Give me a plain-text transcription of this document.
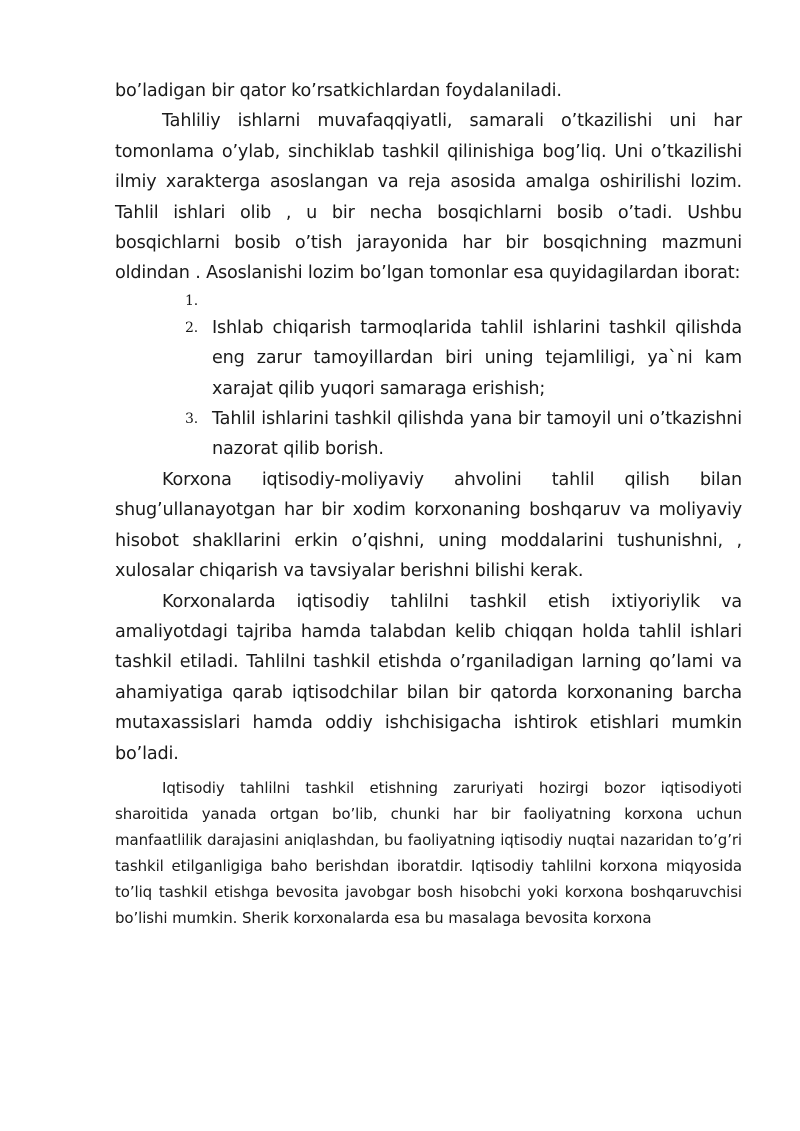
bo’ladigan bir qator ko’rsatkichlardan foydalaniladi.

Tahliliy ishlarni muvafaqqiyatli, samarali o’tkazilishi uni har tomonlama o’ylab, sinchiklab tashkil qilinishiga bog’liq. Uni o’tkazilishi ilmiy xarakterga asoslangan va reja asosida amalga oshirilishi lozim. Tahlil ishlari olib , u bir necha bosqichlarni bosib o’tadi. Ushbu bosqichlarni bosib o’tish jarayonida har bir bosqichning mazmuni oldindan . Asoslanishi lozim bo’lgan tomonlar esa quyidagilardan iborat:

1.
2. Ishlab chiqarish tarmoqlarida tahlil ishlarini tashkil qilishda eng zarur tamoyillardan biri uning tejamliligi, ya`ni kam xarajat qilib yuqori samaraga erishish;
3. Tahlil ishlarini tashkil qilishda yana bir tamoyil uni o’tkazishni nazorat qilib borish.

Korxona iqtisodiy-moliyaviy ahvolini tahlil qilish bilan shug’ullanayotgan har bir xodim korxonaning boshqaruv va moliyaviy hisobot shakllarini erkin o’qishni, uning moddalarini tushunishni, , xulosalar chiqarish va tavsiyalar berishni bilishi kerak.

Korxonalarda iqtisodiy tahlilni tashkil etish ixtiyoriylik va amaliyotdagi tajriba hamda talabdan kelib chiqqan holda tahlil ishlari tashkil etiladi. Tahlilni tashkil etishda o’rganiladigan larning qo’lami va ahamiyatiga qarab iqtisodchilar bilan bir qatorda korxonaning barcha mutaxassislari hamda oddiy ishchisigacha ishtirok etishlari mumkin bo’ladi.

Iqtisodiy tahlilni tashkil etishning zaruriyati hozirgi bozor iqtisodiyoti sharoitida yanada ortgan bo’lib, chunki har bir faoliyatning korxona uchun manfaatlilik darajasini aniqlashdan, bu faoliyatning iqtisodiy nuqtai nazaridan to’g’ri tashkil etilganligiga baho berishdan iboratdir. Iqtisodiy tahlilni korxona miqyosida to’liq tashkil etishga bevosita javobgar bosh hisobchi yoki korxona boshqaruvchisi bo’lishi mumkin. Sherik korxonalarda esa bu masalaga bevosita korxona
